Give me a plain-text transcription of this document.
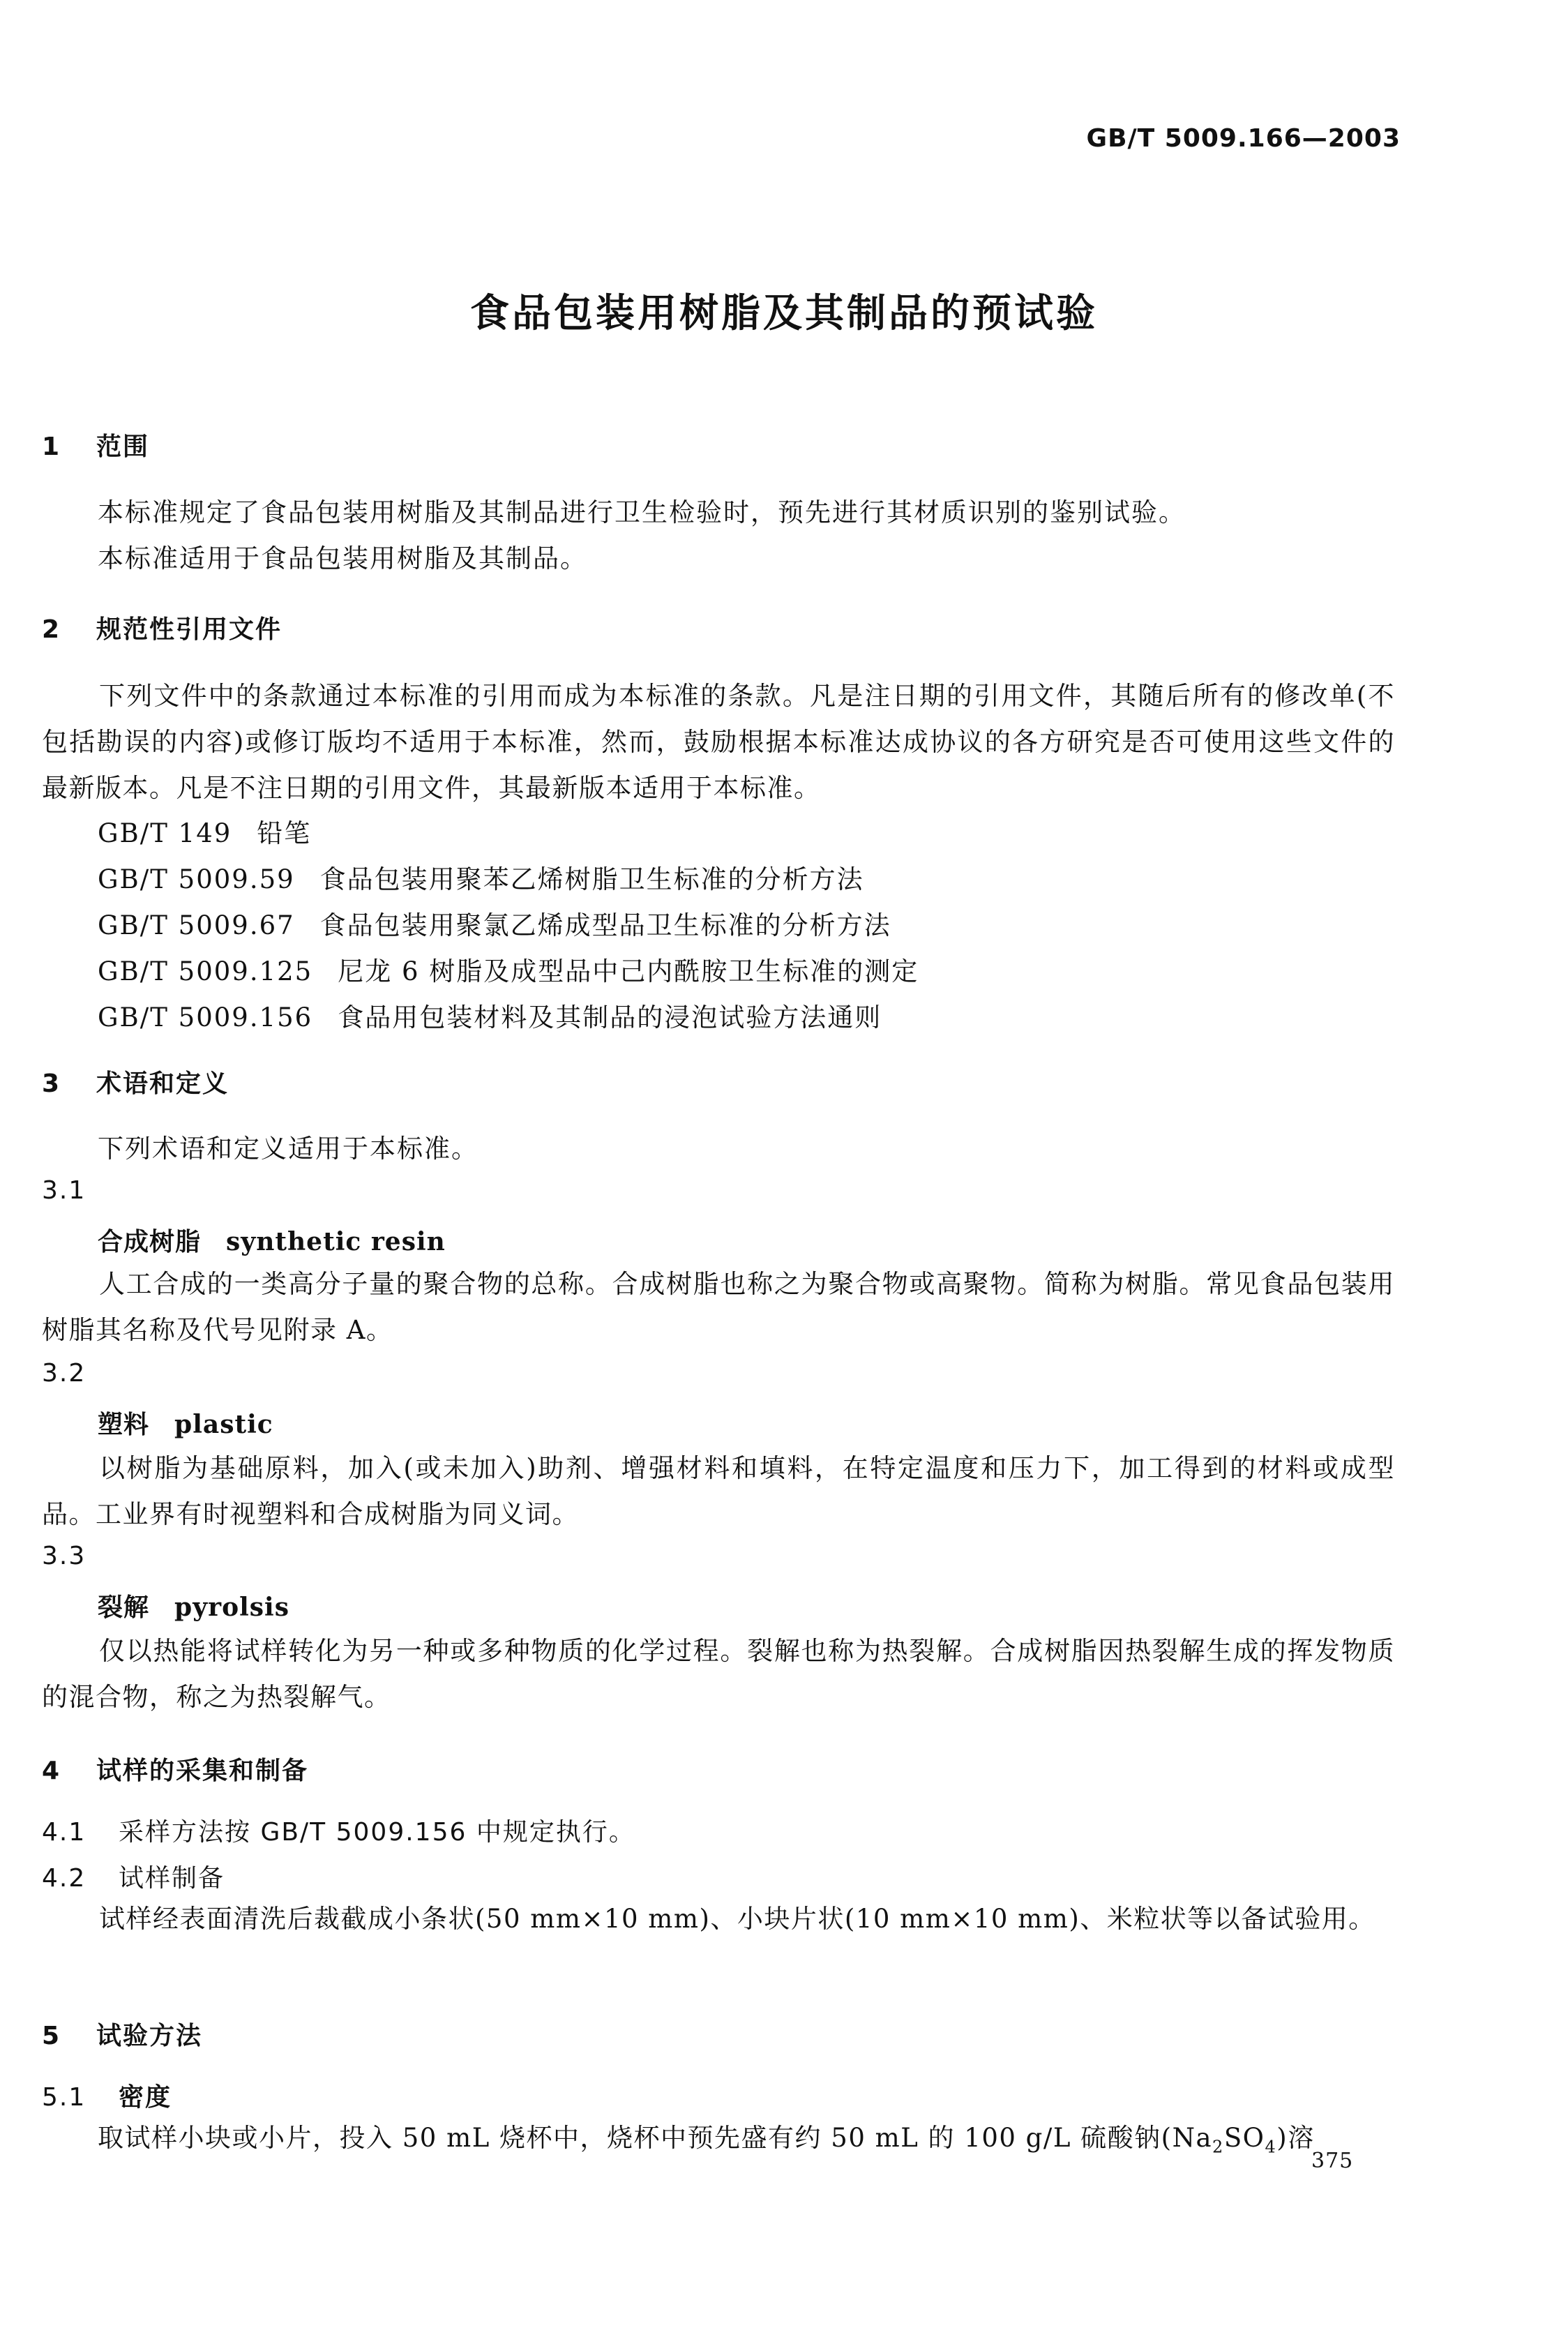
GB/T 5009.166—2003
食品包装用树脂及其制品的预试验
1 范围
本标准规定了食品包装用树脂及其制品进行卫生检验时，预先进行其材质识别的鉴别试验。
本标准适用于食品包装用树脂及其制品。
2 规范性引用文件
下列文件中的条款通过本标准的引用而成为本标准的条款。凡是注日期的引用文件，其随后所有的修改单(不包括勘误的内容)或修订版均不适用于本标准，然而，鼓励根据本标准达成协议的各方研究是否可使用这些文件的最新版本。凡是不注日期的引用文件，其最新版本适用于本标准。
GB/T 149 铅笔
GB/T 5009.59 食品包装用聚苯乙烯树脂卫生标准的分析方法
GB/T 5009.67 食品包装用聚氯乙烯成型品卫生标准的分析方法
GB/T 5009.125 尼龙 6 树脂及成型品中己内酰胺卫生标准的测定
GB/T 5009.156 食品用包装材料及其制品的浸泡试验方法通则
3 术语和定义
下列术语和定义适用于本标准。
3.1
合成树脂 synthetic resin
人工合成的一类高分子量的聚合物的总称。合成树脂也称之为聚合物或高聚物。简称为树脂。常见食品包装用树脂其名称及代号见附录 A。
3.2
塑料 plastic
以树脂为基础原料，加入(或未加入)助剂、增强材料和填料，在特定温度和压力下，加工得到的材料或成型品。工业界有时视塑料和合成树脂为同义词。
3.3
裂解 pyrolsis
仅以热能将试样转化为另一种或多种物质的化学过程。裂解也称为热裂解。合成树脂因热裂解生成的挥发物质的混合物，称之为热裂解气。
4 试样的采集和制备
4.1 采样方法按 GB/T 5009.156 中规定执行。
4.2 试样制备
试样经表面清洗后裁截成小条状(50 mm×10 mm)、小块片状(10 mm×10 mm)、米粒状等以备试验用。
5 试验方法
5.1 密度
取试样小块或小片，投入 50 mL 烧杯中，烧杯中预先盛有约 50 mL 的 100 g/L 硫酸钠$(Na_2SO_4)$溶
375
